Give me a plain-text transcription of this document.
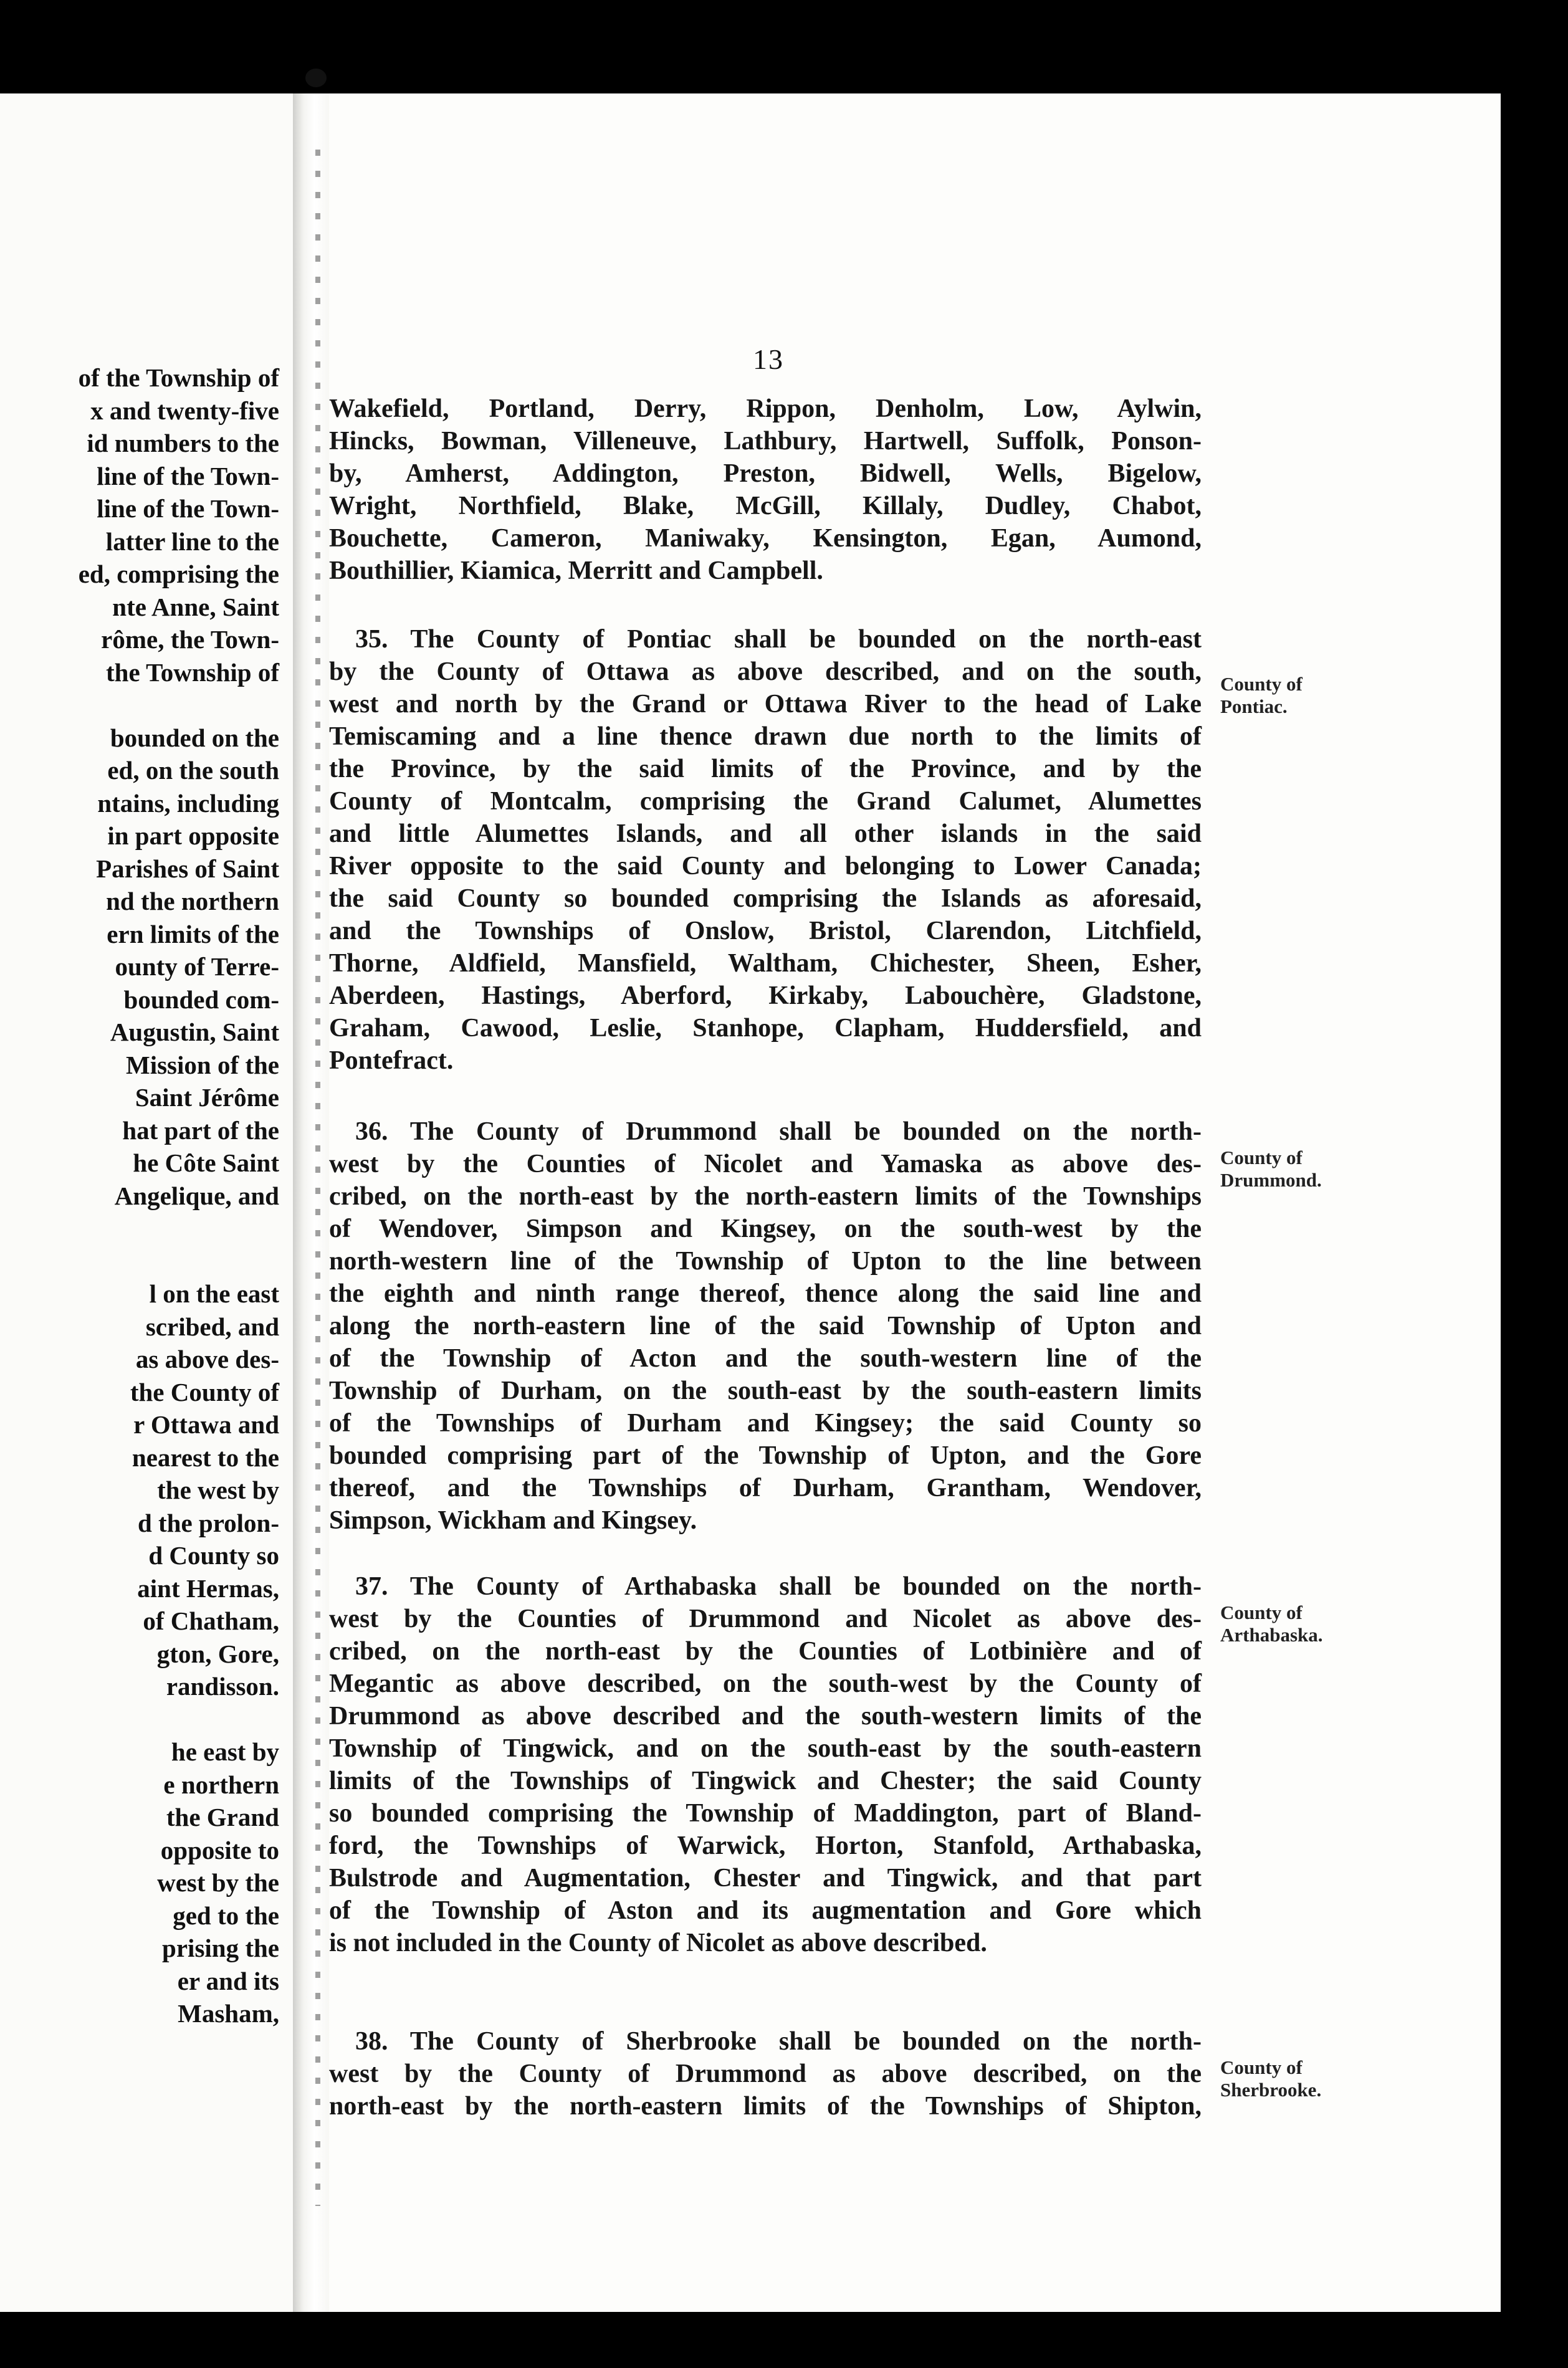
of the Township of
x and twenty-five
id numbers to the
line of the Town-
line of the Town-
latter line to the
ed, comprising the
nte Anne, Saint
rôme, the Town-
the Township of
bounded on the
ed, on the south
ntains, including
in part opposite
Parishes of Saint
nd the northern
ern limits of the
ounty of Terre-
bounded com-
Augustin, Saint
Mission of the
Saint Jérôme
hat part of the
he Côte Saint
Angelique, and
l on the east
scribed, and
as above des-
the County of
r Ottawa and
nearest to the
the west by
d the prolon-
d County so
aint Hermas,
of Chatham,
gton, Gore,
randisson.
he east by
e northern
the Grand
opposite to
west by the
ged to the
prising the
er and its
Masham,
13
Wakefield, Portland, Derry, Rippon, Denholm, Low, Aylwin,
Hincks, Bowman, Villeneuve, Lathbury, Hartwell, Suffolk, Ponson-
by, Amherst, Addington, Preston, Bidwell, Wells, Bigelow,
Wright, Northfield, Blake, McGill, Killaly, Dudley, Chabot,
Bouchette, Cameron, Maniwaky, Kensington, Egan, Aumond,
Bouthillier, Kiamica, Merritt and Campbell.
35. The County of Pontiac shall be bounded on the north-east
by the County of Ottawa as above described, and on the south,
west and north by the Grand or Ottawa River to the head of Lake
Temiscaming and a line thence drawn due north to the limits of
the Province, by the said limits of the Province, and by the
County of Montcalm, comprising the Grand Calumet, Alumettes
and little Alumettes Islands, and all other islands in the said
River opposite to the said County and belonging to Lower Canada;
the said County so bounded comprising the Islands as aforesaid,
and the Townships of Onslow, Bristol, Clarendon, Litchfield,
Thorne, Aldfield, Mansfield, Waltham, Chichester, Sheen, Esher,
Aberdeen, Hastings, Aberford, Kirkaby, Labouchère, Gladstone,
Graham, Cawood, Leslie, Stanhope, Clapham, Huddersfield, and
Pontefract.
36. The County of Drummond shall be bounded on the north-
west by the Counties of Nicolet and Yamaska as above des-
cribed, on the north-east by the north-eastern limits of the Townships
of Wendover, Simpson and Kingsey, on the south-west by the
north-western line of the Township of Upton to the line between
the eighth and ninth range thereof, thence along the said line and
along the north-eastern line of the said Township of Upton and
of the Township of Acton and the south-western line of the
Township of Durham, on the south-east by the south-eastern limits
of the Townships of Durham and Kingsey; the said County so
bounded comprising part of the Township of Upton, and the Gore
thereof, and the Townships of Durham, Grantham, Wendover,
Simpson, Wickham and Kingsey.
37. The County of Arthabaska shall be bounded on the north-
west by the Counties of Drummond and Nicolet as above des-
cribed, on the north-east by the Counties of Lotbinière and of
Megantic as above described, on the south-west by the County of
Drummond as above described and the south-western limits of the
Township of Tingwick, and on the south-east by the south-eastern
limits of the Townships of Tingwick and Chester; the said County
so bounded comprising the Township of Maddington, part of Bland-
ford, the Townships of Warwick, Horton, Stanfold, Arthabaska,
Bulstrode and Augmentation, Chester and Tingwick, and that part
of the Township of Aston and its augmentation and Gore which
is not included in the County of Nicolet as above described.
38. The County of Sherbrooke shall be bounded on the north-
west by the County of Drummond as above described, on the
north-east by the north-eastern limits of the Townships of Shipton,
County of
Pontiac.
County of
Drummond.
County of
Arthabaska.
County of
Sherbrooke.
